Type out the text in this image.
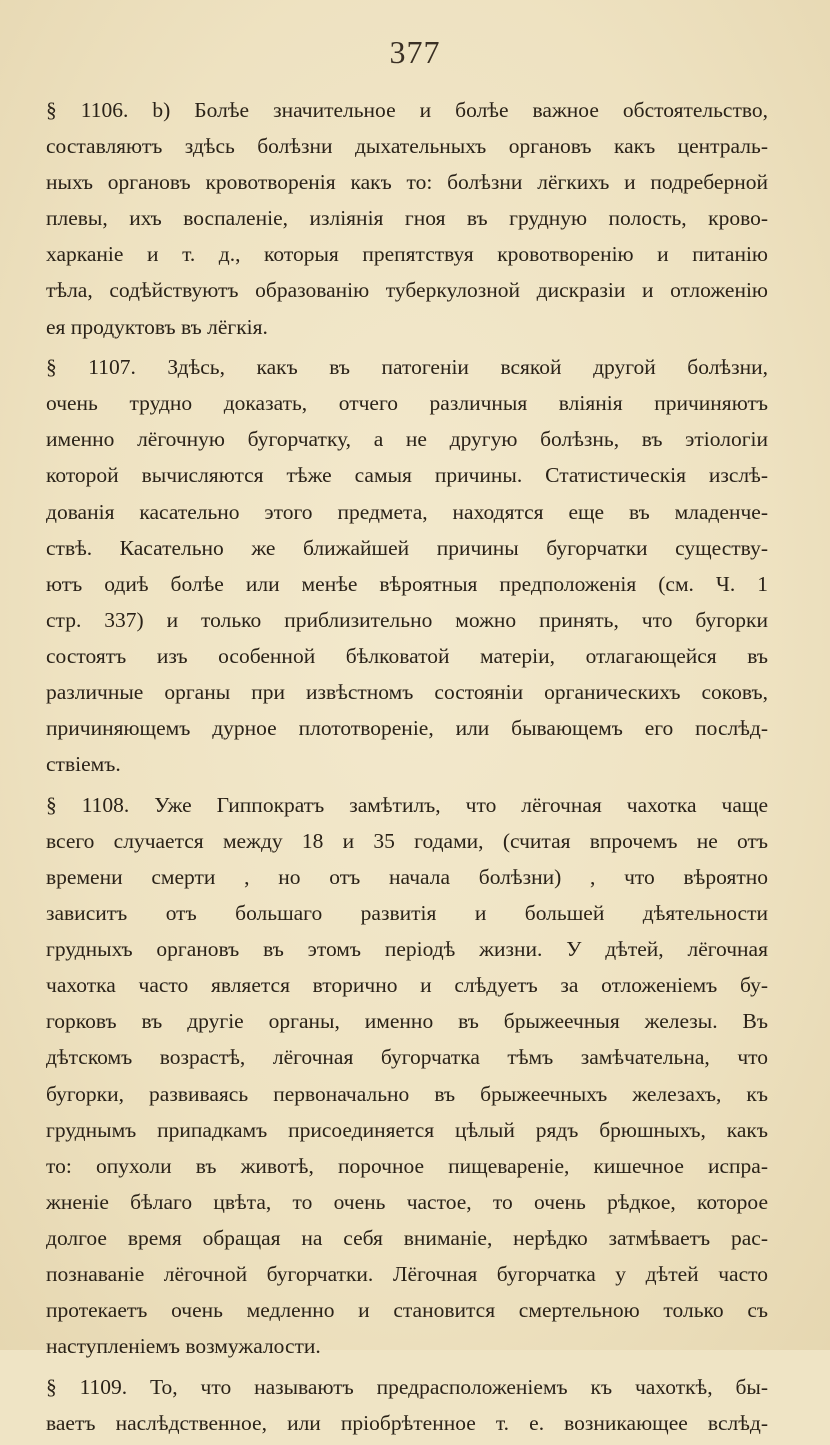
377
§ 1106. b) Болѣе значительное и болѣе важное обстоятельство,
составляютъ здѣсь болѣзни дыхательныхъ органовъ какъ централь-
ныхъ органовъ кровотворенія какъ то: болѣзни лёгкихъ и подреберной
плевы, ихъ воспаленіе, изліянія гноя въ грудную полость, крово-
харканіе и т. д., которыя препятствуя кровотворенію и питанію
тѣла, содѣйствуютъ образованію туберкулозной дискразіи и отложенію
ея продуктовъ въ лёгкія.
§ 1107. Здѣсь, какъ въ патогеніи всякой другой болѣзни,
очень трудно доказать, отчего различныя вліянія причиняютъ
именно лёгочную бугорчатку, а не другую болѣзнь, въ этіологіи
которой вычисляются тѣже самыя причины. Статистическія изслѣ-
дованія касательно этого предмета, находятся еще въ младенче-
ствѣ. Касательно же ближайшей причины бугорчатки существу-
ютъ одиѣ болѣе или менѣе вѣроятныя предположенія (см. Ч. 1
стр. 337) и только приблизительно можно принять, что бугорки
состоятъ изъ особенной бѣлковатой матеріи, отлагающейся въ
различные органы при извѣстномъ состояніи органическихъ соковъ,
причиняющемъ дурное плототвореніе, или бывающемъ его послѣд-
ствіемъ.
§ 1108. Уже Гиппократъ замѣтилъ, что лёгочная чахотка чаще
всего случается между 18 и 35 годами, (считая впрочемъ не отъ
времени смерти , но отъ начала болѣзни) , что вѣроятно
зависитъ отъ большаго развитія и большей дѣятельности
грудныхъ органовъ въ этомъ періодѣ жизни. У дѣтей, лёгочная
чахотка часто является вторично и слѣдуетъ за отложеніемъ бу-
горковъ въ другіе органы, именно въ брыжеечныя железы. Въ
дѣтскомъ возрастѣ, лёгочная бугорчатка тѣмъ замѣчательна, что
бугорки, развиваясь первоначально въ брыжеечныхъ железахъ, къ
груднымъ припадкамъ присоединяется цѣлый рядъ брюшныхъ, какъ
то: опухоли въ животѣ, порочное пищевареніе, кишечное испра-
жненіе бѣлаго цвѣта, то очень частое, то очень рѣдкое, которое
долгое время обращая на себя вниманіе, нерѣдко затмѣваетъ рас-
познаваніе лёгочной бугорчатки. Лёгочная бугорчатка у дѣтей часто
протекаетъ очень медленно и становится смертельною только съ
наступленіемъ возмужалости.
§ 1109. То, что называютъ предрасположеніемъ къ чахоткѣ, бы-
ваетъ наслѣдственное, или пріобрѣтенное т. е. возникающее вслѣд-
